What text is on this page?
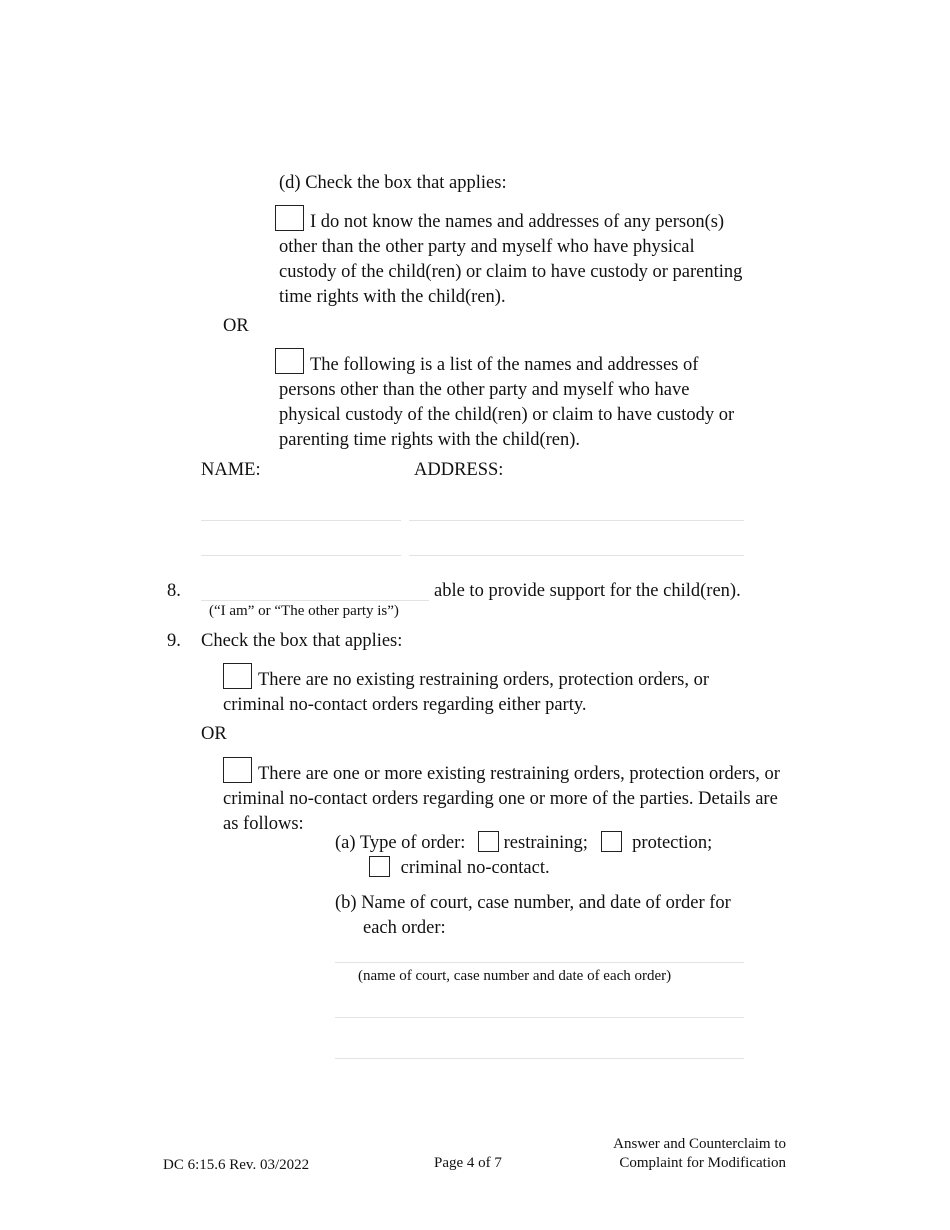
(d) Check the box that applies:
I do not know the names and addresses of any person(s) other than the other party and myself who have physical custody of the child(ren) or claim to have custody or parenting time rights with the child(ren).
OR
The following is a list of the names and addresses of persons other than the other party and myself who have physical custody of the child(ren) or claim to have custody or parenting time rights with the child(ren).
NAME:	ADDRESS:
8.	able to provide support for the child(ren).
(“I am” or “The other party is”)
9. Check the box that applies:
There are no existing restraining orders, protection orders, or criminal no-contact orders regarding either party.
OR
There are one or more existing restraining orders, protection orders, or criminal no-contact orders regarding one or more of the parties. Details are as follows:
(a) Type of order: restraining; protection;
criminal no-contact.
(b) Name of court, case number, and date of order for
each order:
(name of court, case number and date of each order)
DC 6:15.6 Rev. 03/2022	Page 4 of 7
Answer and Counterclaim to
Complaint for Modification
